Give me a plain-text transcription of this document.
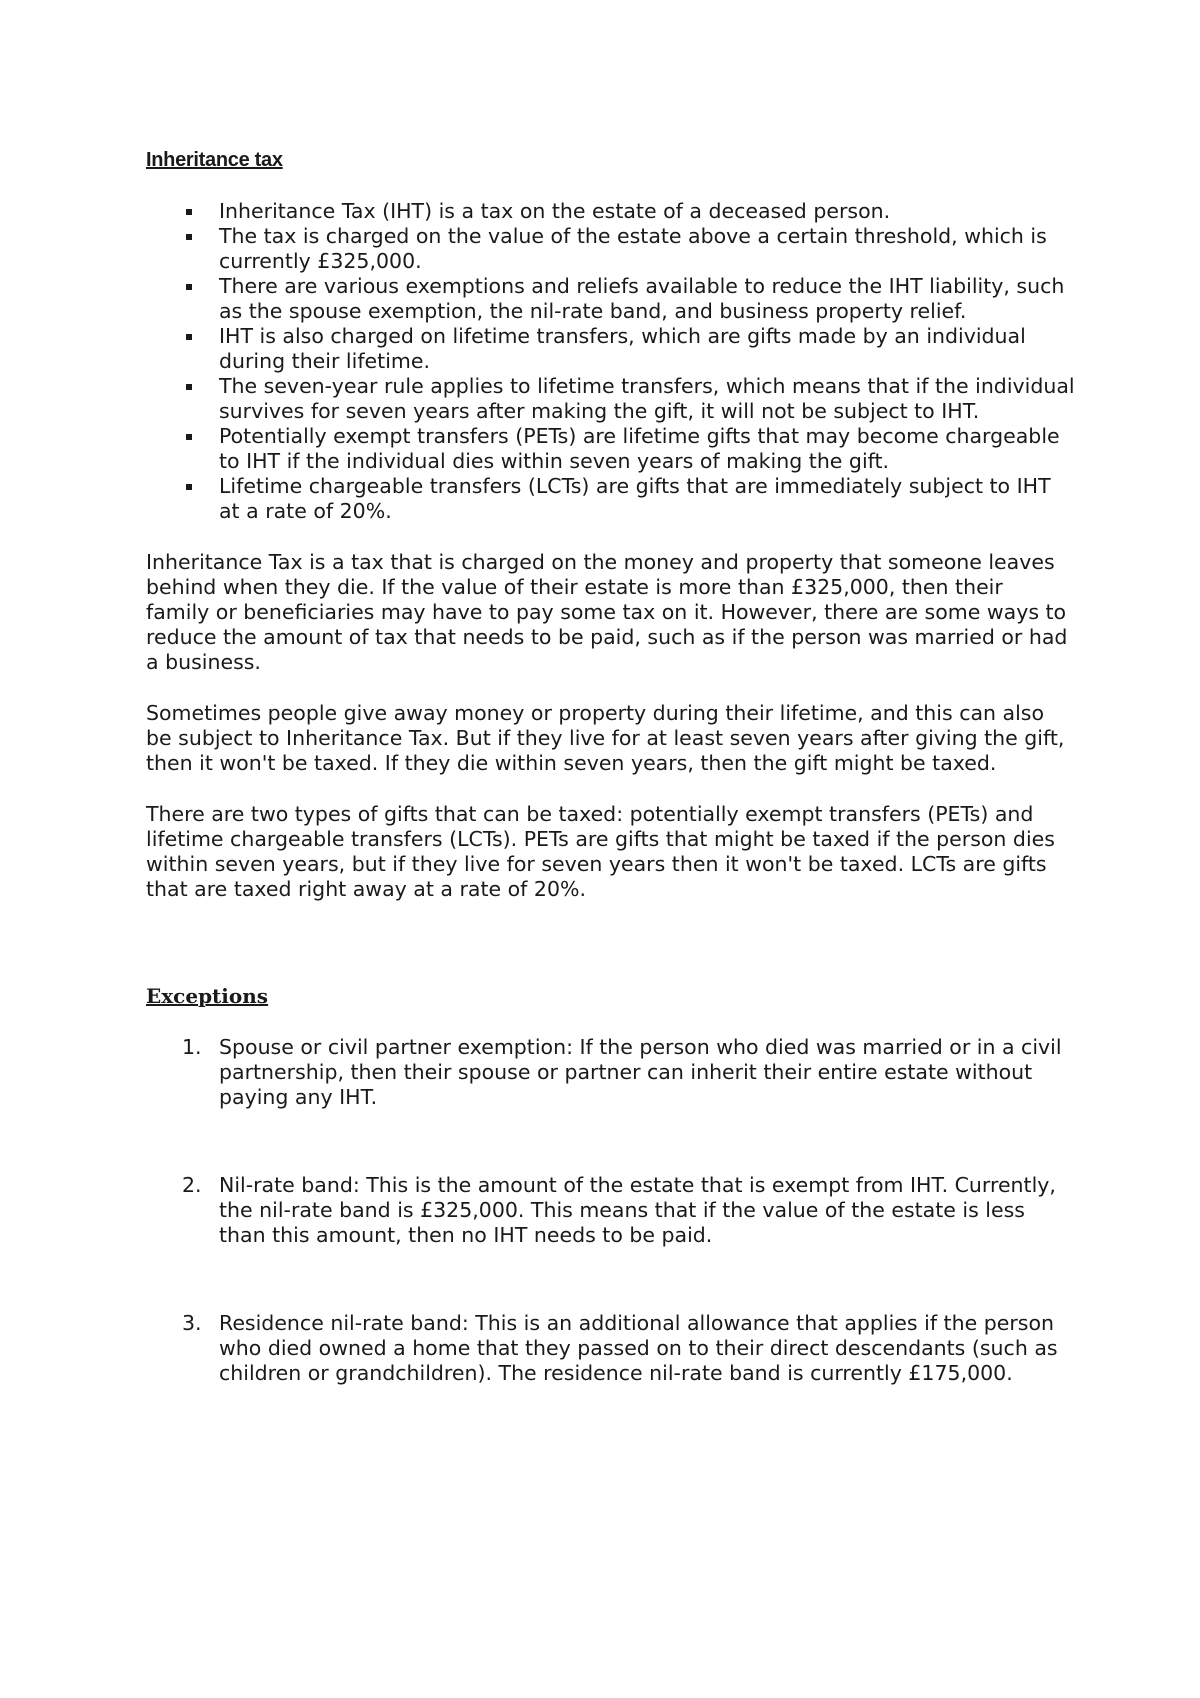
Inheritance tax
Inheritance Tax (IHT) is a tax on the estate of a deceased person.
The tax is charged on the value of the estate above a certain threshold, which is currently £325,000.
There are various exemptions and reliefs available to reduce the IHT liability, such as the spouse exemption, the nil-rate band, and business property relief.
IHT is also charged on lifetime transfers, which are gifts made by an individual during their lifetime.
The seven-year rule applies to lifetime transfers, which means that if the individual survives for seven years after making the gift, it will not be subject to IHT.
Potentially exempt transfers (PETs) are lifetime gifts that may become chargeable to IHT if the individual dies within seven years of making the gift.
Lifetime chargeable transfers (LCTs) are gifts that are immediately subject to IHT at a rate of 20%.

Inheritance Tax is a tax that is charged on the money and property that someone leaves behind when they die. If the value of their estate is more than £325,000, then their family or beneficiaries may have to pay some tax on it. However, there are some ways to reduce the amount of tax that needs to be paid, such as if the person was married or had a business.

Sometimes people give away money or property during their lifetime, and this can also be subject to Inheritance Tax. But if they live for at least seven years after giving the gift, then it won't be taxed. If they die within seven years, then the gift might be taxed.

There are two types of gifts that can be taxed: potentially exempt transfers (PETs) and lifetime chargeable transfers (LCTs). PETs are gifts that might be taxed if the person dies within seven years, but if they live for seven years then it won't be taxed. LCTs are gifts that are taxed right away at a rate of 20%.

Exceptions
1. Spouse or civil partner exemption: If the person who died was married or in a civil partnership, then their spouse or partner can inherit their entire estate without paying any IHT.
2. Nil-rate band: This is the amount of the estate that is exempt from IHT. Currently, the nil-rate band is £325,000. This means that if the value of the estate is less than this amount, then no IHT needs to be paid.
3. Residence nil-rate band: This is an additional allowance that applies if the person who died owned a home that they passed on to their direct descendants (such as children or grandchildren). The residence nil-rate band is currently £175,000.
